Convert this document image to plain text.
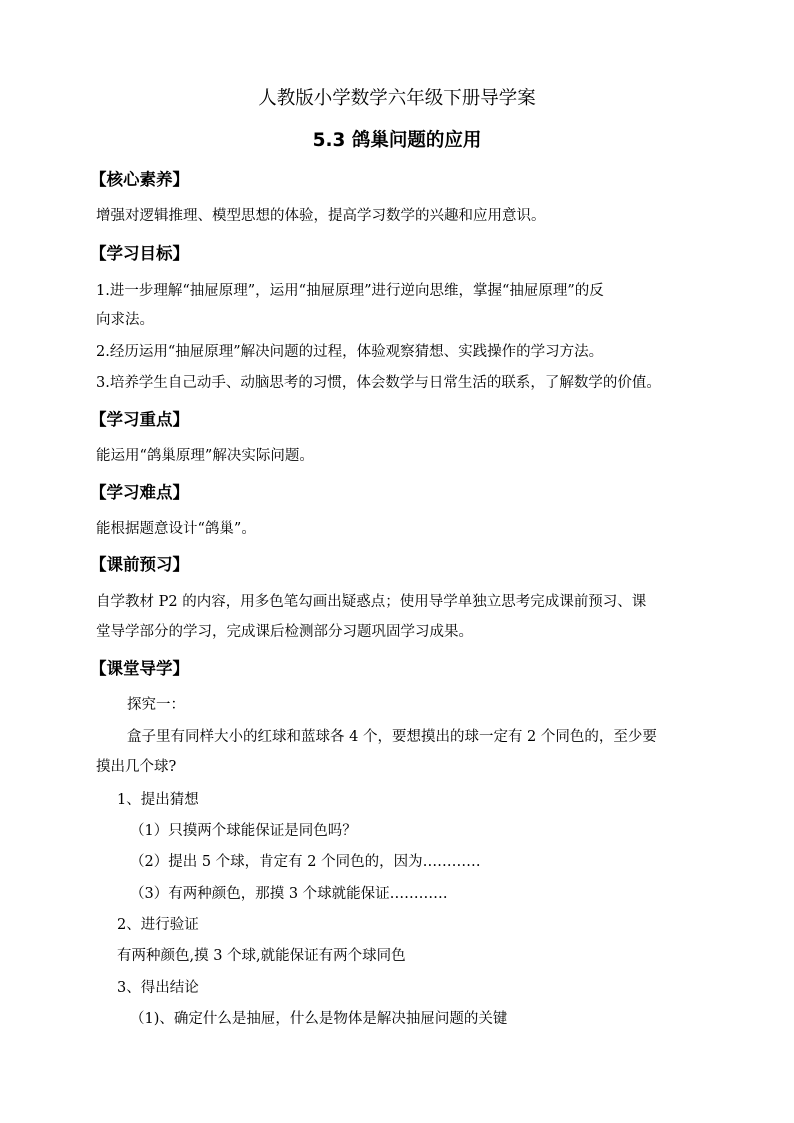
人教版小学数学六年级下册导学案
5.3 鸽巢问题的应用
【核心素养】
增强对逻辑推理、模型思想的体验，提高学习数学的兴趣和应用意识。
【学习目标】
1.进一步理解“抽屉原理”，运用“抽屉原理”进行逆向思维，掌握“抽屉原理”的反
向求法。
2.经历运用“抽屉原理”解决问题的过程，体验观察猜想、实践操作的学习方法。
3.培养学生自己动手、动脑思考的习惯，体会数学与日常生活的联系，了解数学的价值。
【学习重点】
能运用“鸽巢原理”解决实际问题。
【学习难点】
能根据题意设计“鸽巢”。
【课前预习】
自学教材 P2 的内容，用多色笔勾画出疑惑点；使用导学单独立思考完成课前预习、课
堂导学部分的学习，完成课后检测部分习题巩固学习成果。
【课堂导学】
探究一：
盒子里有同样大小的红球和蓝球各 4 个，要想摸出的球一定有 2 个同色的，至少要
摸出几个球?
1、提出猜想
（1）只摸两个球能保证是同色吗？
（2）提出 5 个球，肯定有 2 个同色的，因为…………
（3）有两种颜色，那摸 3 个球就能保证…………
2、进行验证
有两种颜色,摸 3 个球,就能保证有两个球同色
3、得出结论
（1)、确定什么是抽屉，什么是物体是解决抽屉问题的关键
